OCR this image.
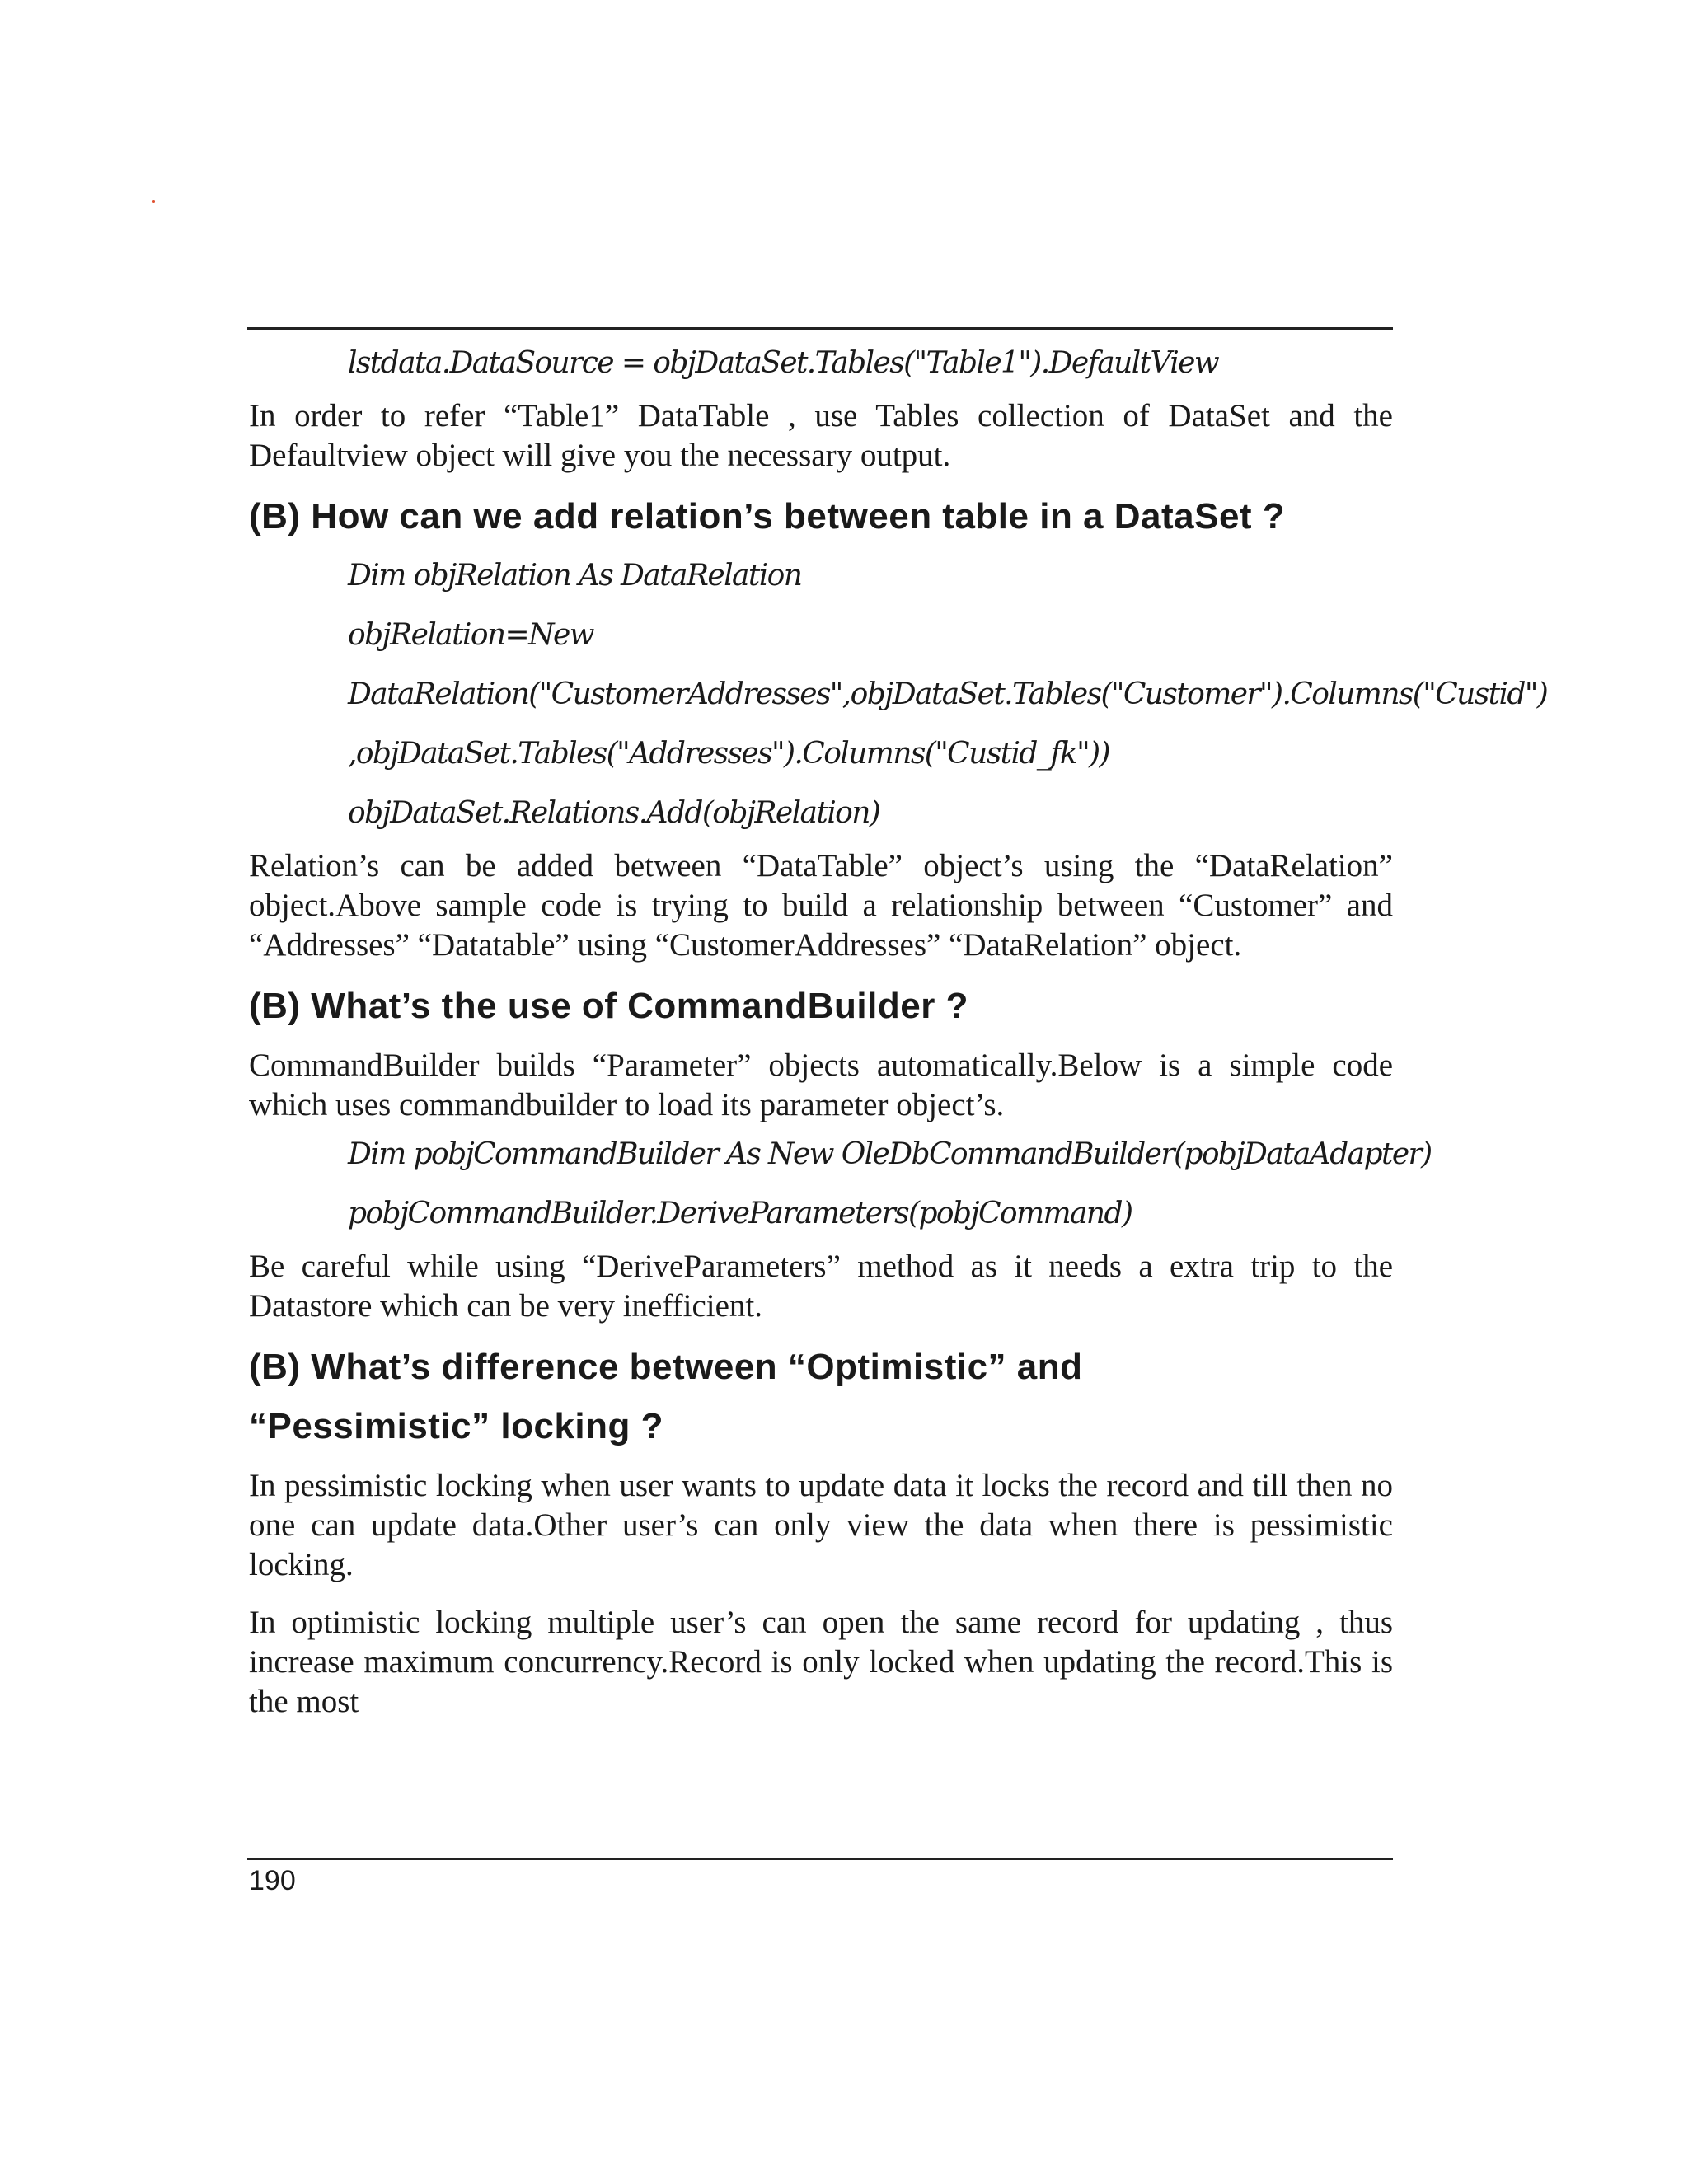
lstdata.DataSource = objDataSet.Tables("Table1").DefaultView

In order to refer “Table1” DataTable , use Tables collection of DataSet and the Defaultview object will give you the necessary output.

(B) How can we add relation’s between table in a DataSet ?

Dim objRelation As DataRelation

objRelation=New

DataRelation("CustomerAddresses",objDataSet.Tables("Customer").Columns("Custid")

,objDataSet.Tables("Addresses").Columns("Custid_fk"))

objDataSet.Relations.Add(objRelation)

Relation’s can be added between “DataTable” object’s using the “DataRelation” object.Above sample code is trying to build a relationship between “Customer” and “Addresses” “Datatable” using “CustomerAddresses” “DataRelation” object.

(B) What’s the use of CommandBuilder ?

CommandBuilder builds “Parameter” objects automatically.Below is a simple code which uses commandbuilder to load its parameter object’s.

Dim pobjCommandBuilder As New OleDbCommandBuilder(pobjDataAdapter)

pobjCommandBuilder.DeriveParameters(pobjCommand)

Be careful while using “DeriveParameters” method as it needs a extra trip to the Datastore which can be very inefficient.

(B) What’s difference between “Optimistic” and
“Pessimistic” locking ?

In pessimistic locking when user wants to update data it locks the record and till then no one can update data.Other user’s can only view the data when there is pessimistic locking.

In optimistic locking multiple user’s can open the same record for updating , thus increase maximum concurrency.Record is only locked when updating the record.This is the most

190
